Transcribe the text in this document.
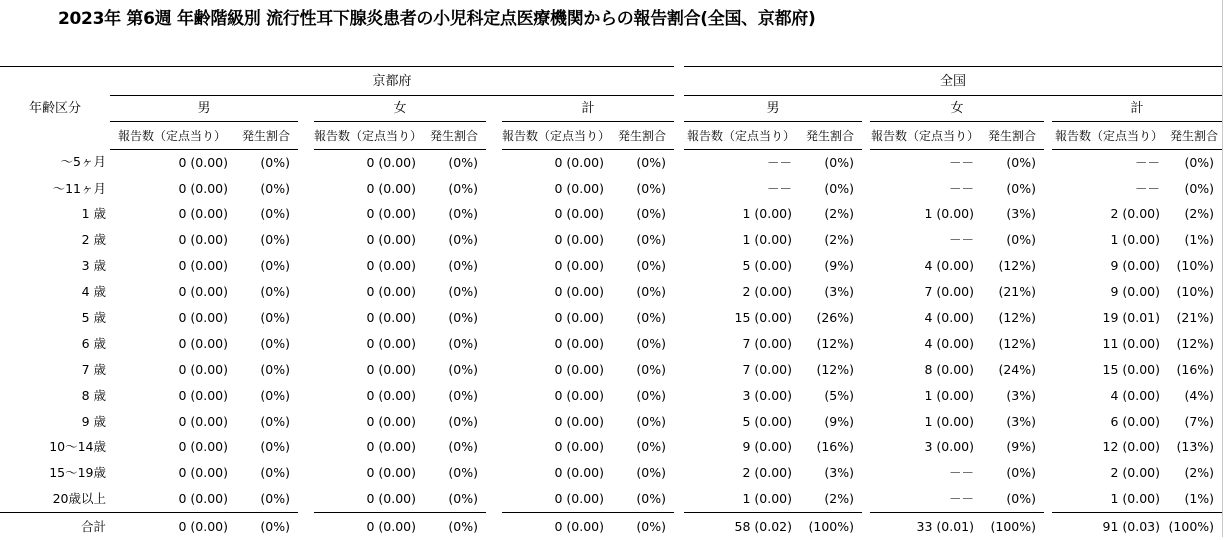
2023年 第6週 年齢階級別 流行性耳下腺炎患者の小児科定点医療機関からの報告割合(全国、京都府)
年齢区分	京都府									全国							
	男			女			計			男			女			計	
	報告数（定点当り）	発生割合		報告数（定点当り）	発生割合		報告数（定点当り）	発生割合		報告数（定点当り）	発生割合		報告数（定点当り）	発生割合		報告数（定点当り）	発生割合
～5ヶ月	0 (0.00)	(0%)		0 (0.00)	(0%)		0 (0.00)	(0%)		－－	(0%)		－－	(0%)		－－	(0%)
～11ヶ月	0 (0.00)	(0%)		0 (0.00)	(0%)		0 (0.00)	(0%)		－－	(0%)		－－	(0%)		－－	(0%)
1 歳	0 (0.00)	(0%)		0 (0.00)	(0%)		0 (0.00)	(0%)		1 (0.00)	(2%)		1 (0.00)	(3%)		2 (0.00)	(2%)
2 歳	0 (0.00)	(0%)		0 (0.00)	(0%)		0 (0.00)	(0%)		1 (0.00)	(2%)		－－	(0%)		1 (0.00)	(1%)
3 歳	0 (0.00)	(0%)		0 (0.00)	(0%)		0 (0.00)	(0%)		5 (0.00)	(9%)		4 (0.00)	(12%)		9 (0.00)	(10%)
4 歳	0 (0.00)	(0%)		0 (0.00)	(0%)		0 (0.00)	(0%)		2 (0.00)	(3%)		7 (0.00)	(21%)		9 (0.00)	(10%)
5 歳	0 (0.00)	(0%)		0 (0.00)	(0%)		0 (0.00)	(0%)		15 (0.00)	(26%)		4 (0.00)	(12%)		19 (0.01)	(21%)
6 歳	0 (0.00)	(0%)		0 (0.00)	(0%)		0 (0.00)	(0%)		7 (0.00)	(12%)		4 (0.00)	(12%)		11 (0.00)	(12%)
7 歳	0 (0.00)	(0%)		0 (0.00)	(0%)		0 (0.00)	(0%)		7 (0.00)	(12%)		8 (0.00)	(24%)		15 (0.00)	(16%)
8 歳	0 (0.00)	(0%)		0 (0.00)	(0%)		0 (0.00)	(0%)		3 (0.00)	(5%)		1 (0.00)	(3%)		4 (0.00)	(4%)
9 歳	0 (0.00)	(0%)		0 (0.00)	(0%)		0 (0.00)	(0%)		5 (0.00)	(9%)		1 (0.00)	(3%)		6 (0.00)	(7%)
10～14歳	0 (0.00)	(0%)		0 (0.00)	(0%)		0 (0.00)	(0%)		9 (0.00)	(16%)		3 (0.00)	(9%)		12 (0.00)	(13%)
15～19歳	0 (0.00)	(0%)		0 (0.00)	(0%)		0 (0.00)	(0%)		2 (0.00)	(3%)		－－	(0%)		2 (0.00)	(2%)
20歳以上	0 (0.00)	(0%)		0 (0.00)	(0%)		0 (0.00)	(0%)		1 (0.00)	(2%)		－－	(0%)		1 (0.00)	(1%)
合計	0 (0.00)	(0%)		0 (0.00)	(0%)		0 (0.00)	(0%)		58 (0.02)	(100%)		33 (0.01)	(100%)		91 (0.03)	(100%)
